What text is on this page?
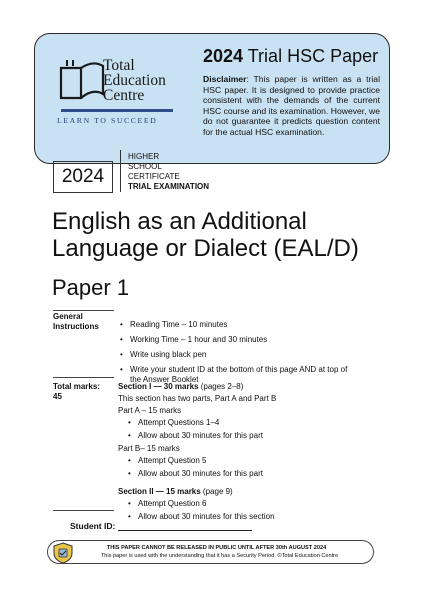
Total
Education
Centre
LEARN TO SUCCEED
2024 Trial HSC Paper
Disclaimer: This paper is written as a trial HSC paper. It is designed to provide practice consistent with the demands of the current HSC course and its examination. However, we do not guarantee it predicts question content for the actual HSC examination.
2024
HIGHER
SCHOOL
CERTIFICATE
TRIAL EXAMINATION
English as an Additional Language or Dialect (EAL/D)
Paper 1
General
Instructions
•	Reading Time – 10 minutes
• Working Time – 1 hour and 30 minutes
• Write using black pen
• Write your student ID at the bottom of this page AND at top of the Answer Booklet
Total marks:
45
Section I — 30 marks (pages 2–8)
This section has two parts, Part A and Part B
Part A – 15 marks
• Attempt Questions 1–4
• Allow about 30 minutes for this part
Part B– 15 marks
• Attempt Question 5
• Allow about 30 minutes for this part
Section II — 15 marks (page 9)
• Attempt Question 6
• Allow about 30 minutes for this section
Student ID:
THIS PAPER CANNOT BE RELEASED IN PUBLIC UNTIL AFTER 30th AUGUST 2024
This paper is used with the understanding that it has a Security Period. ©Total Education Centre
